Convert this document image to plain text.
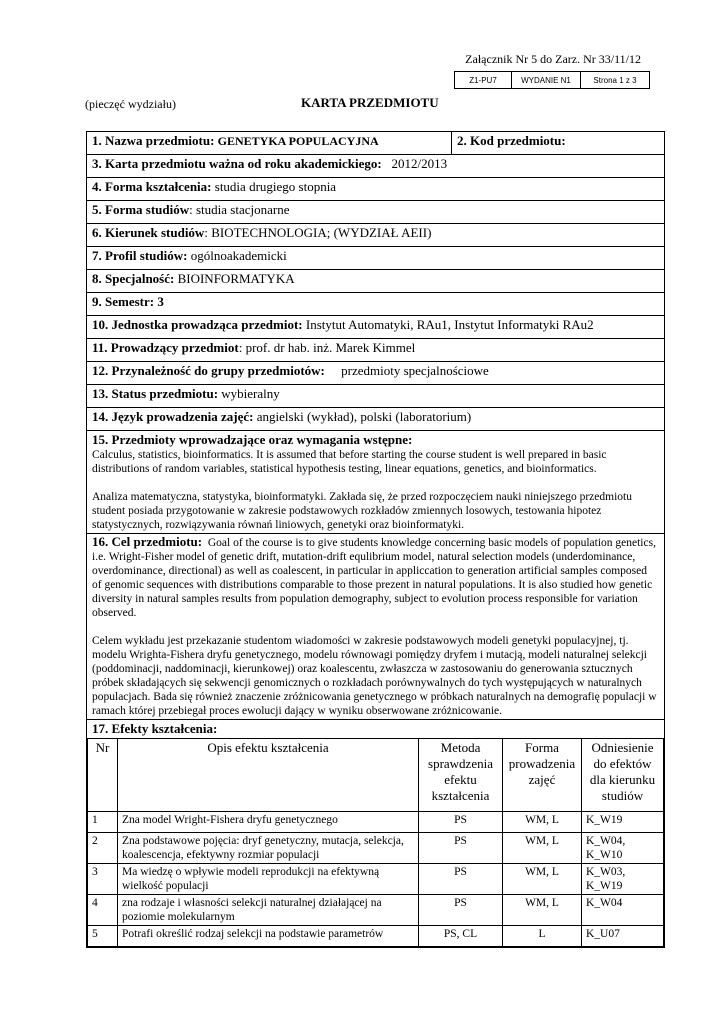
Załącznik Nr 5 do Zarz. Nr 33/11/12
Z1-PU7	WYDANIE N1	Strona 1 z 3
(pieczęć wydziału)	KARTA PRZEDMIOTU
1. Nazwa przedmiotu: GENETYKA POPULACYJNA	2. Kod przedmiotu:
3. Karta przedmiotu ważna od roku akademickiego: 2012/2013
4. Forma kształcenia: studia drugiego stopnia
5. Forma studiów: studia stacjonarne
6. Kierunek studiów: BIOTECHNOLOGIA; (WYDZIAŁ AEII)
7. Profil studiów: ogólnoakademicki
8. Specjalność: BIOINFORMATYKA
9. Semestr: 3
10. Jednostka prowadząca przedmiot: Instytut Automatyki, RAu1, Instytut Informatyki RAu2
11. Prowadzący przedmiot: prof. dr hab. inż. Marek Kimmel
12. Przynależność do grupy przedmiotów: przedmioty specjalnościowe
13. Status przedmiotu: wybieralny
14. Język prowadzenia zajęć: angielski (wykład), polski (laboratorium)

15. Przedmioty wprowadzające oraz wymagania wstępne:

Calculus, statistics, bioinformatics. It is assumed that before starting the course student is well prepared in basic distributions of random variables, statistical hypothesis testing, linear equations, genetics, and bioinformatics.

Analiza matematyczna, statystyka, bioinformatyki. Zakłada się, że przed rozpoczęciem nauki niniejszego przedmiotu student posiada przygotowanie w zakresie podstawowych rozkładów zmiennych losowych, testowania hipotez statystycznych, rozwiązywania równań liniowych, genetyki oraz bioinformatyki.

16. Cel przedmiotu: Goal of the course is to give students knowledge concerning basic models of population genetics, i.e. Wright-Fisher model of genetic drift, mutation-drift equlibrium model, natural selection models (underdominance, overdominance, directional) as well as coalescent, in particular in appliccation to generation artificial samples composed of genomic sequences with distributions comparable to those prezent in natural populations. It is also studied how genetic diversity in natural samples results from population demography, subject to evolution process responsible for variation observed.

Celem wykładu jest przekazanie studentom wiadomości w zakresie podstawowych modeli genetyki populacyjnej, tj. modelu Wrighta-Fishera dryfu genetycznego, modelu równowagi pomiędzy dryfem i mutacją, modeli naturalnej selekcji (poddominacji, naddominacji, kierunkowej) oraz koalescentu, zwłaszcza w zastosowaniu do generowania sztucznych próbek składających się sekwencji genomicznych o rozkładach porównywalnych do tych występujących w naturalnych populacjach. Bada się również znaczenie zróżnicowania genetycznego w próbkach naturalnych na demografię populacji w ramach której przebiegał proces ewolucji dający w wyniku obserwowane zróżnicowanie.

17. Efekty kształcenia:
Nr	Opis efektu kształcenia	Metoda sprawdzenia efektu kształcenia	Forma prowadzenia zajęć	Odniesienie do efektów dla kierunku studiów
1	Zna model Wright-Fishera dryfu genetycznego	PS	WM, L	K_W19
2	Zna podstawowe pojęcia: dryf genetyczny, mutacja, selekcja, koalescencja, efektywny rozmiar populacji	PS	WM, L	K_W04, K_W10
3	Ma wiedzę o wpływie modeli reprodukcji na efektywną wielkość populacji	PS	WM, L	K_W03, K_W19
4	zna rodzaje i własności selekcji naturalnej działającej na poziomie molekularnym	PS	WM, L	K_W04
5	Potrafi określić rodzaj selekcji na podstawie parametrów	PS, CL	L	K_U07
